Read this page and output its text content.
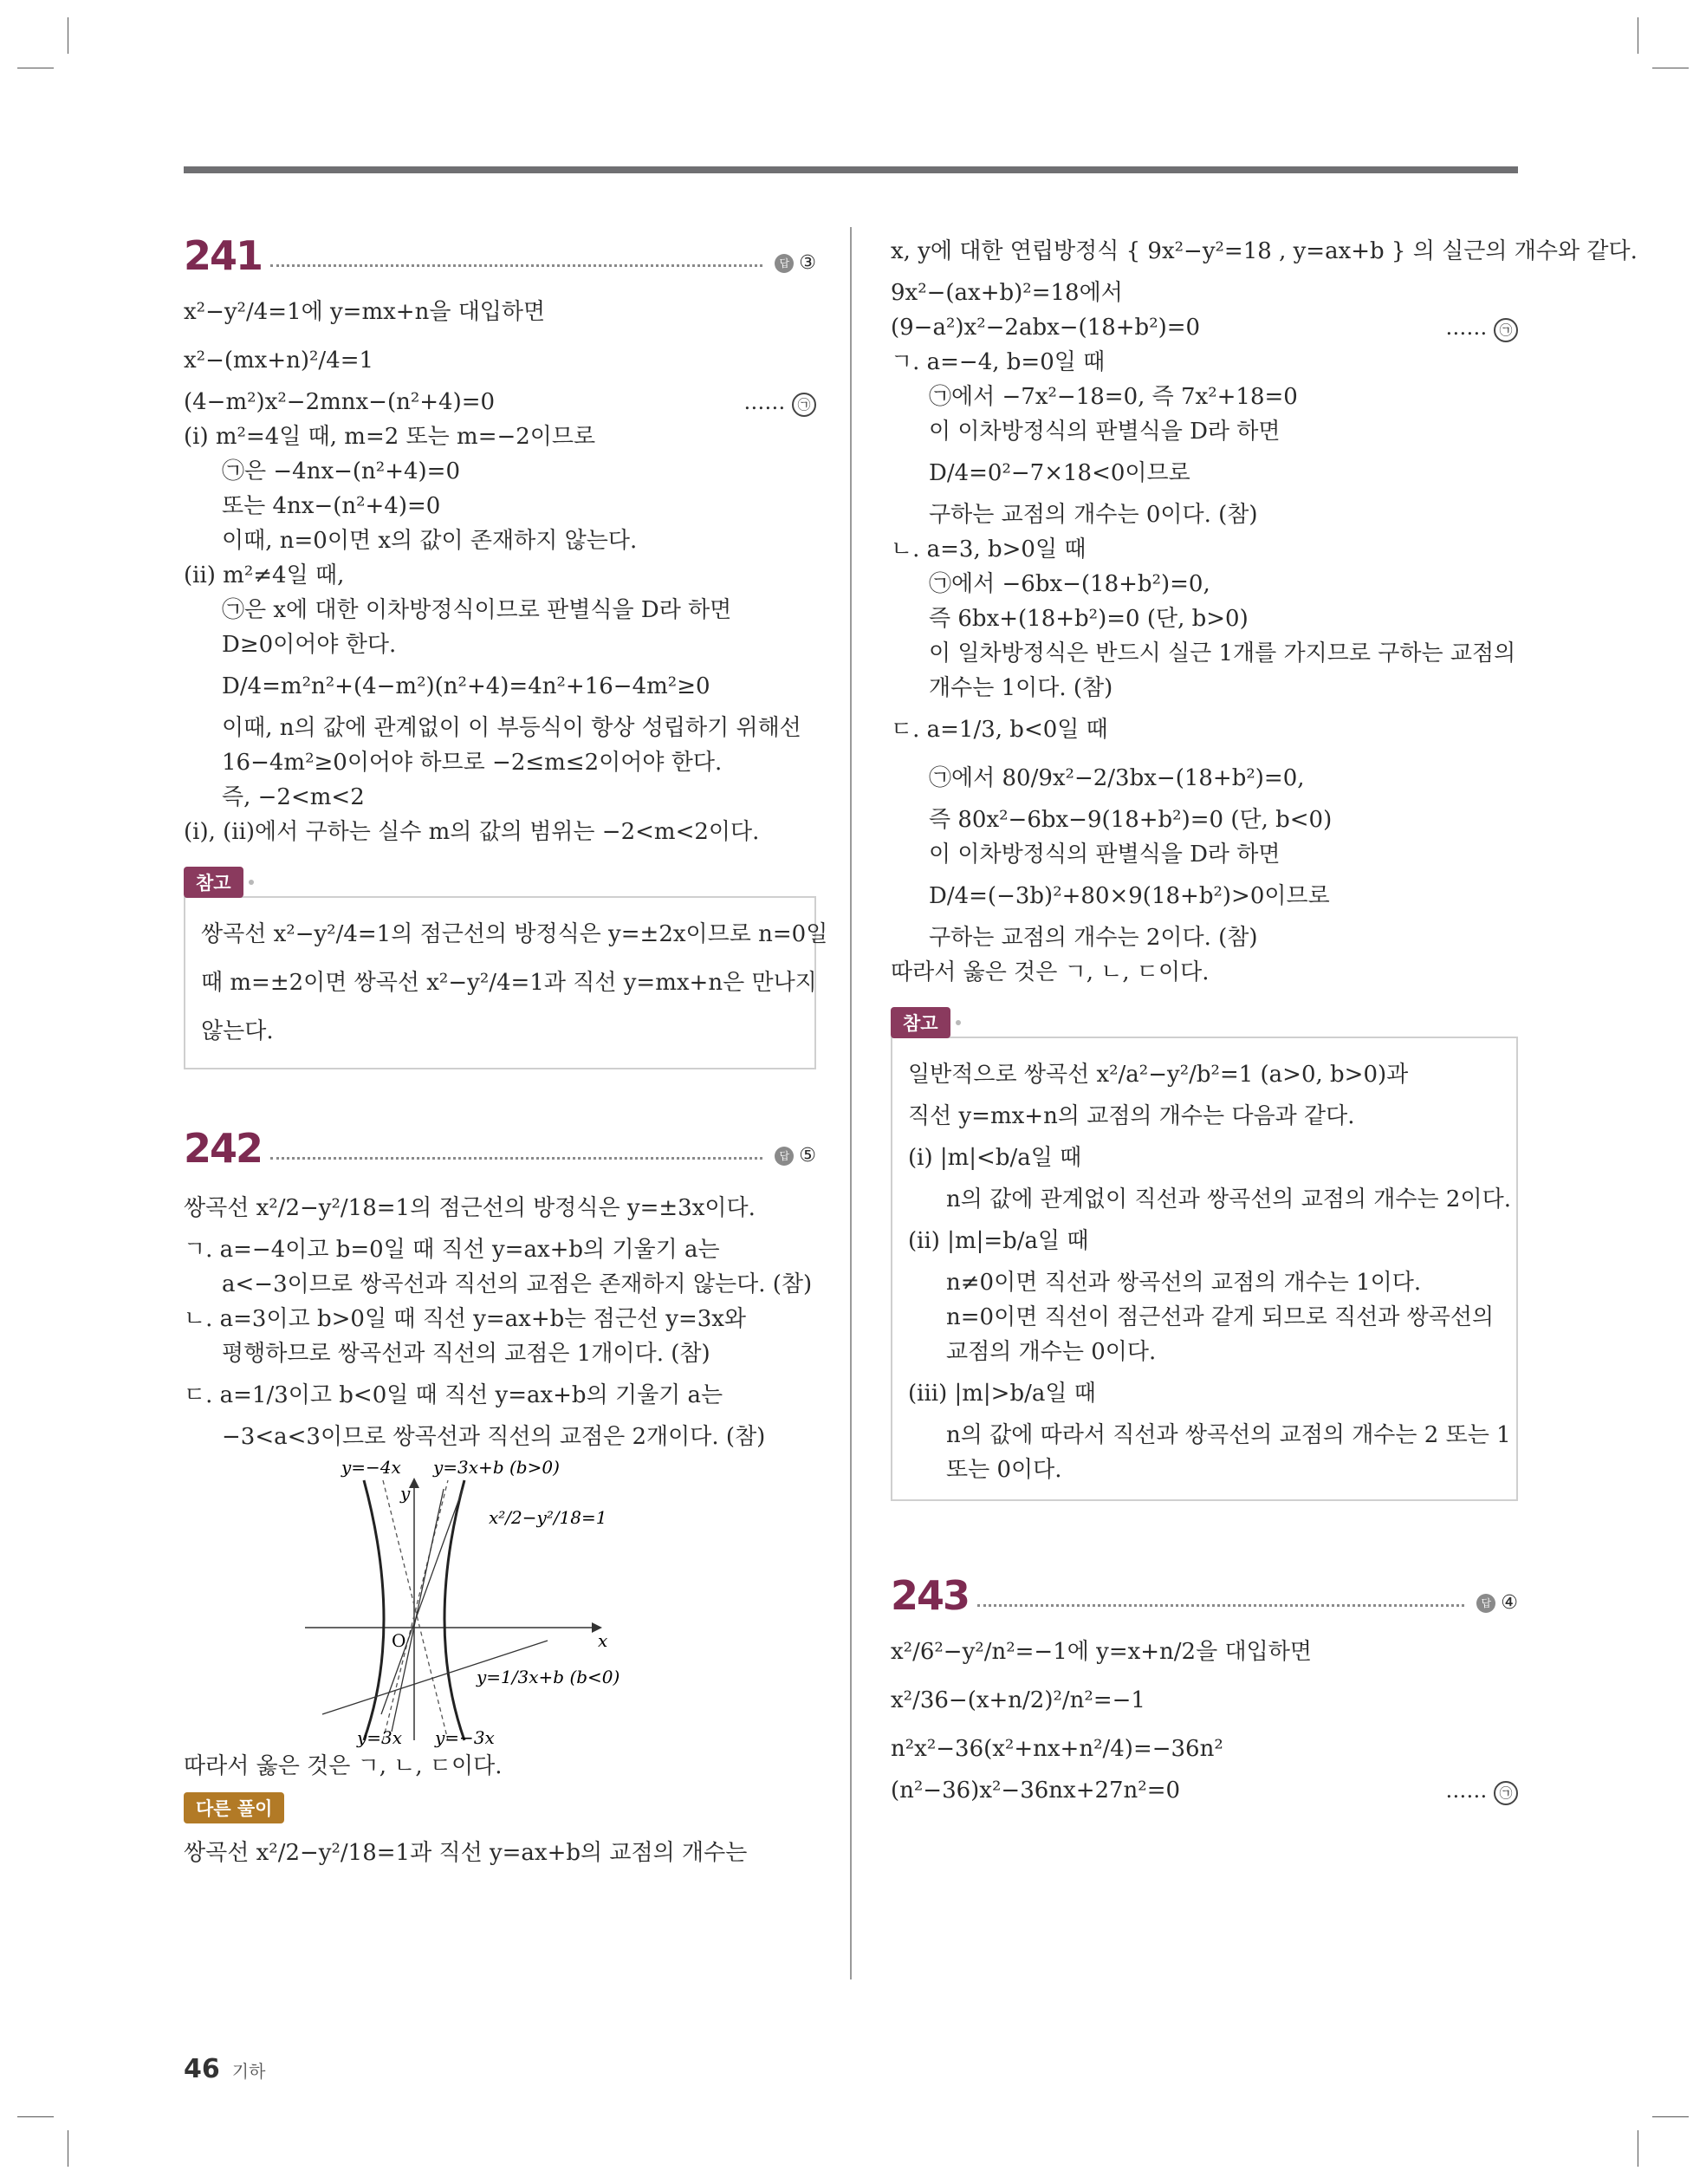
241	답 ③
x²−y²/4=1에 y=mx+n을 대입하면
x²−(mx+n)²/4=1
(4−m²)x²−2mnx−(n²+4)=0	…… ㉠
(i) m²=4일 때, m=2 또는 m=−2이므로
㉠은 −4nx−(n²+4)=0
또는 4nx−(n²+4)=0
이때, n=0이면 x의 값이 존재하지 않는다.
(ii) m²≠4일 때,
㉠은 x에 대한 이차방정식이므로 판별식을 D라 하면
D≥0이어야 한다.
D/4=m²n²+(4−m²)(n²+4)=4n²+16−4m²≥0
이때, n의 값에 관계없이 이 부등식이 항상 성립하기 위해선
16−4m²≥0이어야 하므로 −2≤m≤2이어야 한다.
즉, −2<m<2
(i), (ii)에서 구하는 실수 m의 값의 범위는 −2<m<2이다.
참고
쌍곡선 x²−y²/4=1의 점근선의 방정식은 y=±2x이므로 n=0일
때 m=±2이면 쌍곡선 x²−y²/4=1과 직선 y=mx+n은 만나지
않는다.
242	답 ⑤
쌍곡선 x²/2−y²/18=1의 점근선의 방정식은 y=±3x이다.
ㄱ. a=−4이고 b=0일 때 직선 y=ax+b의 기울기 a는
a<−3이므로 쌍곡선과 직선의 교점은 존재하지 않는다. (참)
ㄴ. a=3이고 b>0일 때 직선 y=ax+b는 점근선 y=3x와
평행하므로 쌍곡선과 직선의 교점은 1개이다. (참)
ㄷ. a=1/3이고 b<0일 때 직선 y=ax+b의 기울기 a는
−3<a<3이므로 쌍곡선과 직선의 교점은 2개이다. (참)
y=−4x y=3x+b (b>0)
y
x²/2−y²/18=1
x
O
y=1/3x+b (b<0)
y=3x y=−3x
따라서 옳은 것은 ㄱ, ㄴ, ㄷ이다.
다른 풀이
쌍곡선 x²/2−y²/18=1과 직선 y=ax+b의 교점의 개수는
x, y에 대한 연립방정식 { 9x²−y²=18 , y=ax+b } 의 실근의 개수와 같다.
9x²−(ax+b)²=18에서
(9−a²)x²−2abx−(18+b²)=0	…… ㉠
ㄱ. a=−4, b=0일 때
㉠에서 −7x²−18=0, 즉 7x²+18=0
이 이차방정식의 판별식을 D라 하면
D/4=0²−7×18<0이므로
구하는 교점의 개수는 0이다. (참)
ㄴ. a=3, b>0일 때
㉠에서 −6bx−(18+b²)=0,
즉 6bx+(18+b²)=0 (단, b>0)
이 일차방정식은 반드시 실근 1개를 가지므로 구하는 교점의
개수는 1이다. (참)
ㄷ. a=1/3, b<0일 때
㉠에서 80/9x²−2/3bx−(18+b²)=0,
즉 80x²−6bx−9(18+b²)=0 (단, b<0)
이 이차방정식의 판별식을 D라 하면
D/4=(−3b)²+80×9(18+b²)>0이므로
구하는 교점의 개수는 2이다. (참)
따라서 옳은 것은 ㄱ, ㄴ, ㄷ이다.
참고
일반적으로 쌍곡선 x²/a²−y²/b²=1 (a>0, b>0)과
직선 y=mx+n의 교점의 개수는 다음과 같다.
(i) |m|<b/a일 때
n의 값에 관계없이 직선과 쌍곡선의 교점의 개수는 2이다.
(ii) |m|=b/a일 때
n≠0이면 직선과 쌍곡선의 교점의 개수는 1이다.
n=0이면 직선이 점근선과 같게 되므로 직선과 쌍곡선의
교점의 개수는 0이다.
(iii) |m|>b/a일 때
n의 값에 따라서 직선과 쌍곡선의 교점의 개수는 2 또는 1
또는 0이다.
243	답 ④
x²/6²−y²/n²=−1에 y=x+n/2을 대입하면
x²/36−(x+n/2)²/n²=−1
n²x²−36(x²+nx+n²/4)=−36n²
(n²−36)x²−36nx+27n²=0	…… ㉠
46 기하
